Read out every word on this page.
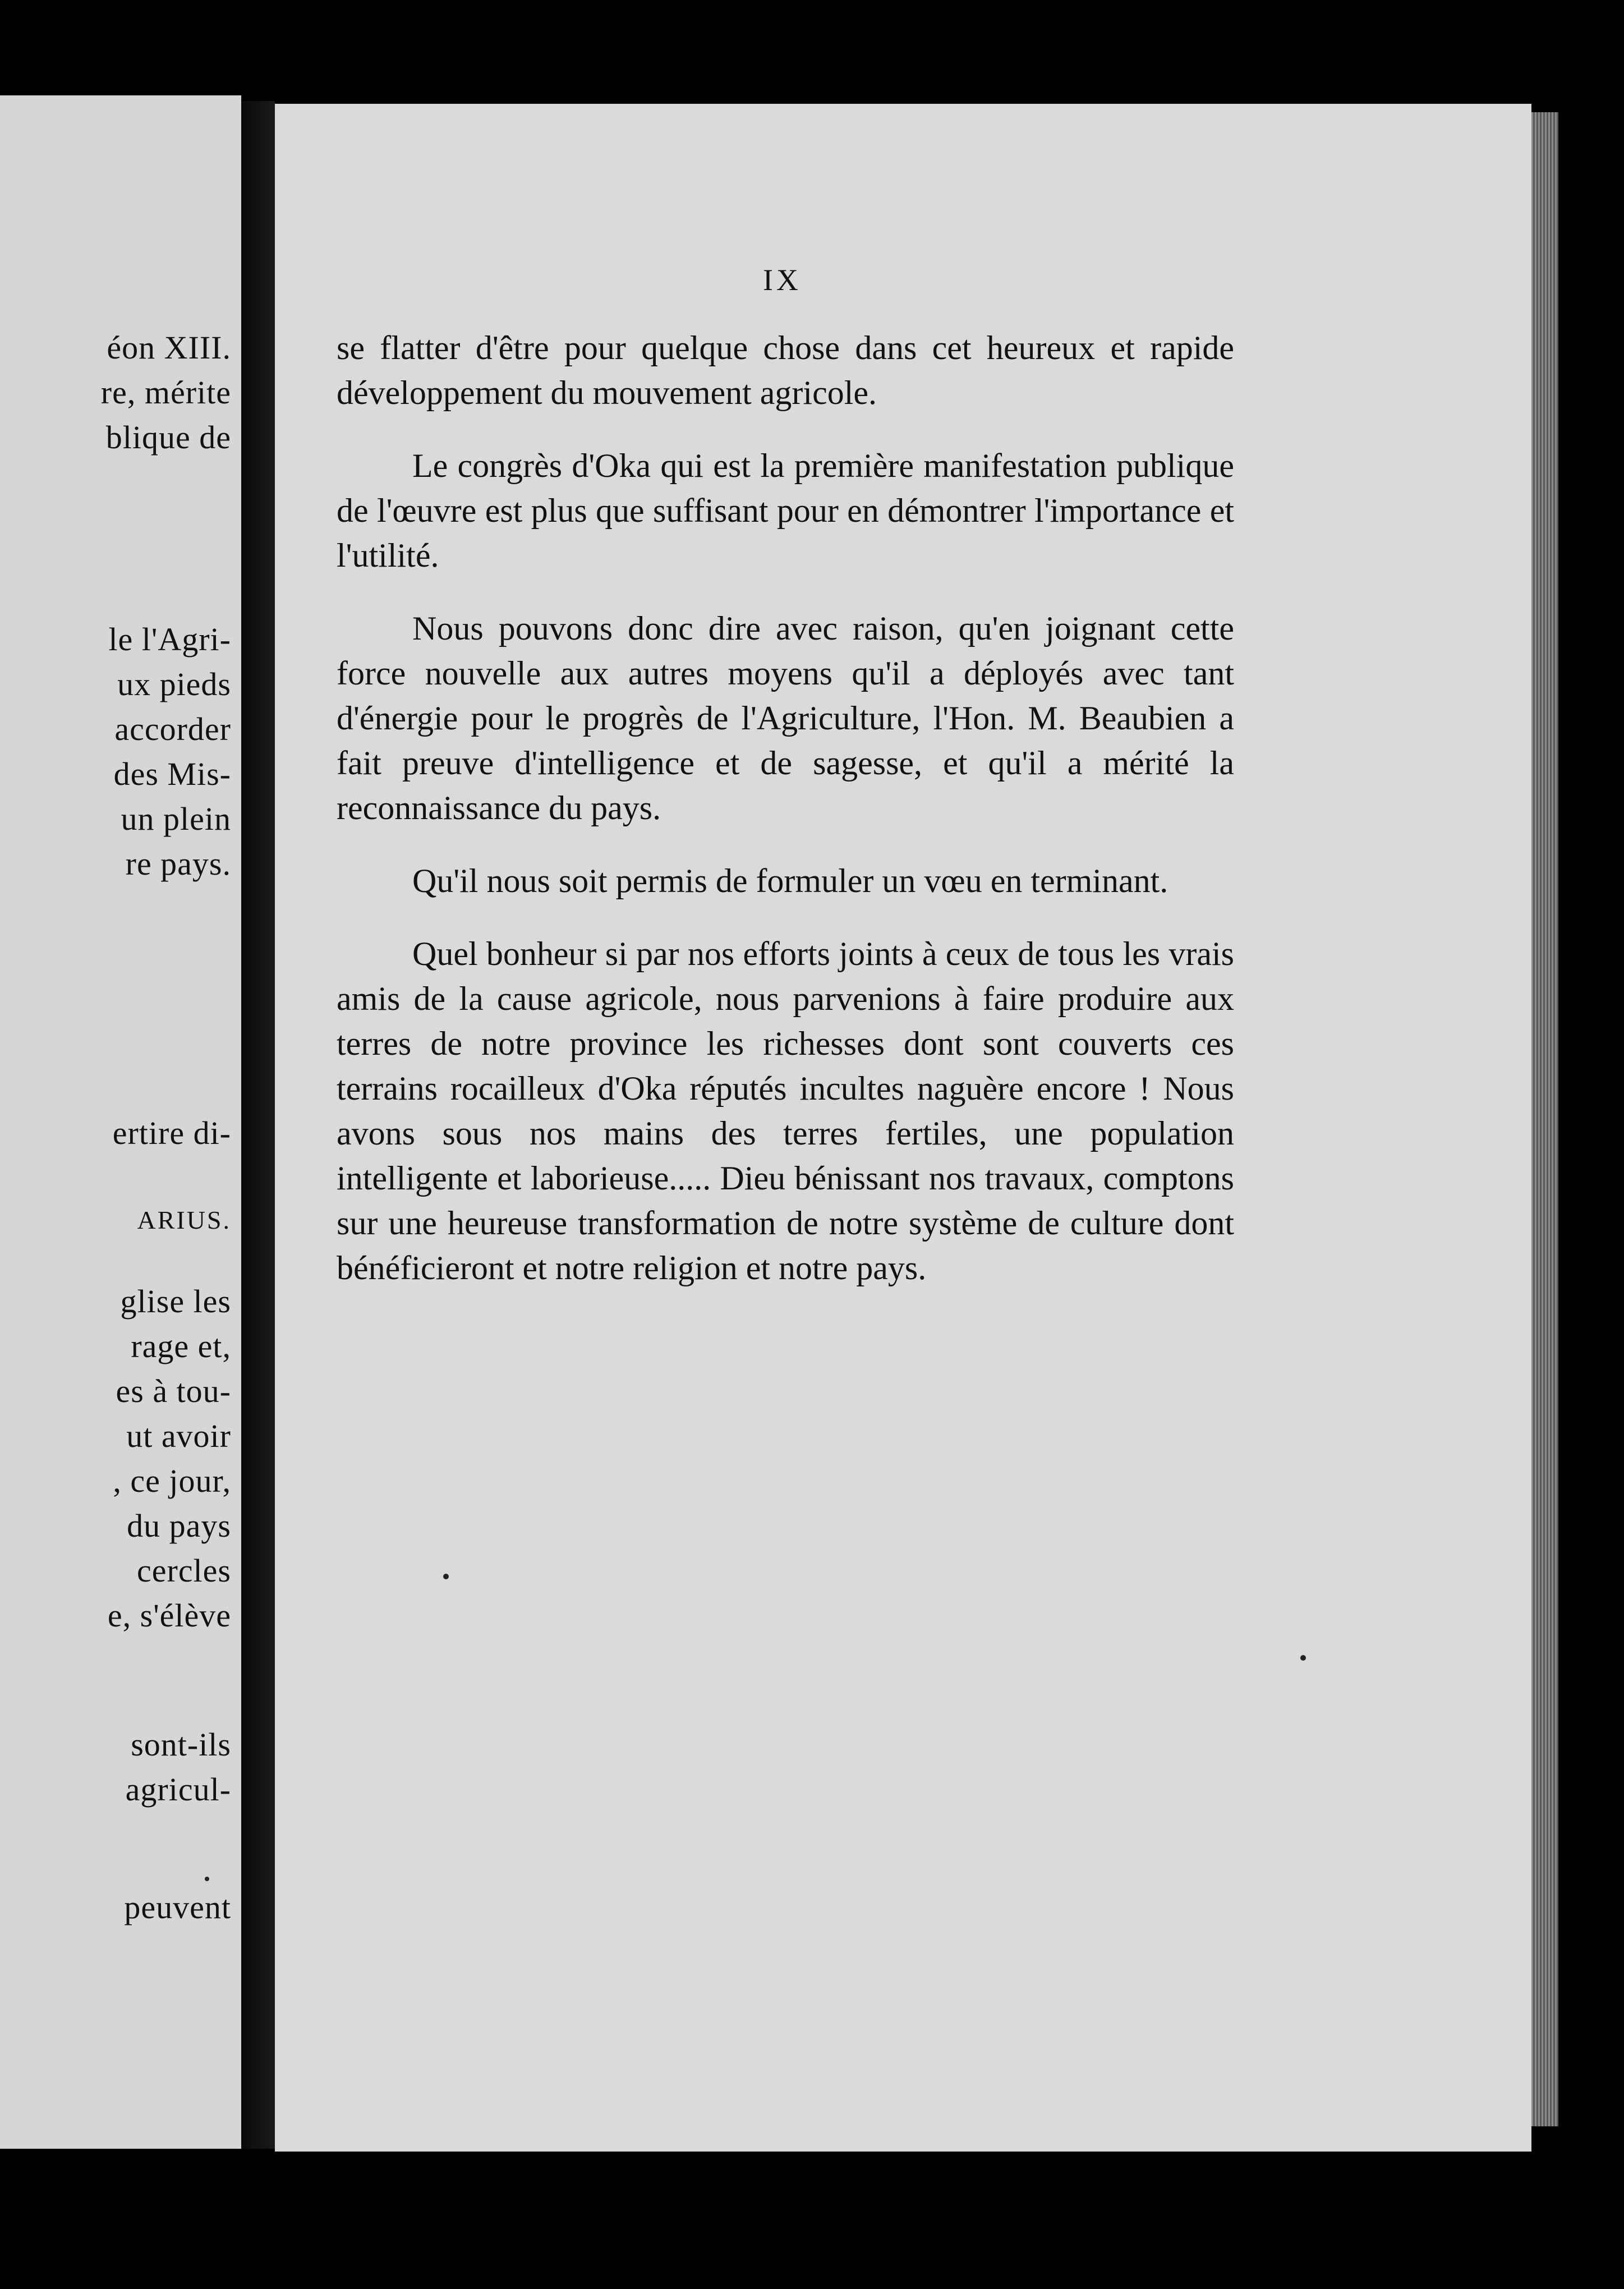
éon XIII.
re, mérite
blique de
le l'Agri-
ux pieds
accorder
des Mis-
un plein
re pays.
ertire di-
ARIUS.
glise les
rage et,
es à tou-
ut avoir
, ce jour,
du pays
cercles
e, s'élève
sont-ils
agricul-
peuvent
IX

se flatter d'être pour quelque chose dans cet heureux et rapide développement du mouvement agricole.

Le congrès d'Oka qui est la première manifestation publique de l'œuvre est plus que suffisant pour en démontrer l'importance et l'utilité.

Nous pouvons donc dire avec raison, qu'en joignant cette force nouvelle aux autres moyens qu'il a déployés avec tant d'énergie pour le progrès de l'Agriculture, l'Hon. M. Beaubien a fait preuve d'intelligence et de sagesse, et qu'il a mérité la reconnaissance du pays.

Qu'il nous soit permis de formuler un vœu en terminant.

Quel bonheur si par nos efforts joints à ceux de tous les vrais amis de la cause agricole, nous parvenions à faire produire aux terres de notre province les richesses dont sont couverts ces terrains rocailleux d'Oka réputés incultes naguère encore ! Nous avons sous nos mains des terres fertiles, une population intelligente et laborieuse..... Dieu bénissant nos travaux, comptons sur une heureuse transformation de notre système de culture dont bénéficieront et notre religion et notre pays.
